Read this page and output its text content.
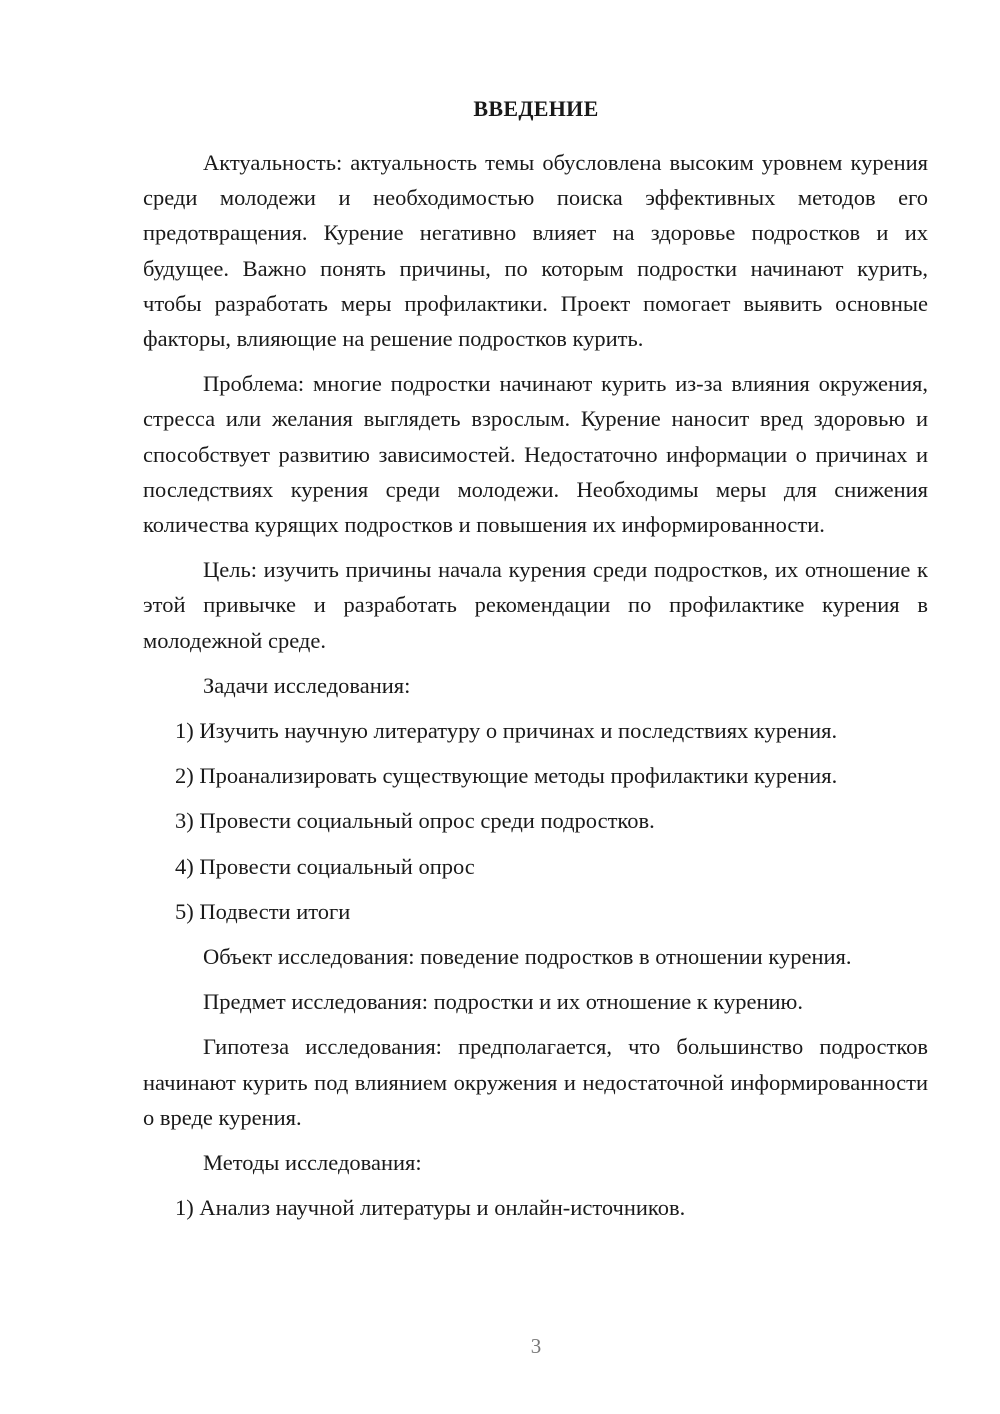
ВВЕДЕНИЕ

Актуальность: актуальность темы обусловлена высоким уровнем курения среди молодежи и необходимостью поиска эффективных методов его предотвращения. Курение негативно влияет на здоровье подростков и их будущее. Важно понять причины, по которым подростки начинают курить, чтобы разработать меры профилактики. Проект помогает выявить основные факторы, влияющие на решение подростков курить.

Проблема: многие подростки начинают курить из-за влияния окружения, стресса или желания выглядеть взрослым. Курение наносит вред здоровью и способствует развитию зависимостей. Недостаточно информации о причинах и последствиях курения среди молодежи. Необходимы меры для снижения количества курящих подростков и повышения их информированности.

Цель: изучить причины начала курения среди подростков, их отношение к этой привычке и разработать рекомендации по профилактике курения в молодежной среде.

Задачи исследования:

1) Изучить научную литературу о причинах и последствиях курения.

2) Проанализировать существующие методы профилактики курения.

3) Провести социальный опрос среди подростков.

4) Провести социальный опрос

5) Подвести итоги

Объект исследования: поведение подростков в отношении курения.

Предмет исследования: подростки и их отношение к курению.

Гипотеза исследования: предполагается, что большинство подростков начинают курить под влиянием окружения и недостаточной информированности о вреде курения.

Методы исследования:

1) Анализ научной литературы и онлайн-источников.

3
